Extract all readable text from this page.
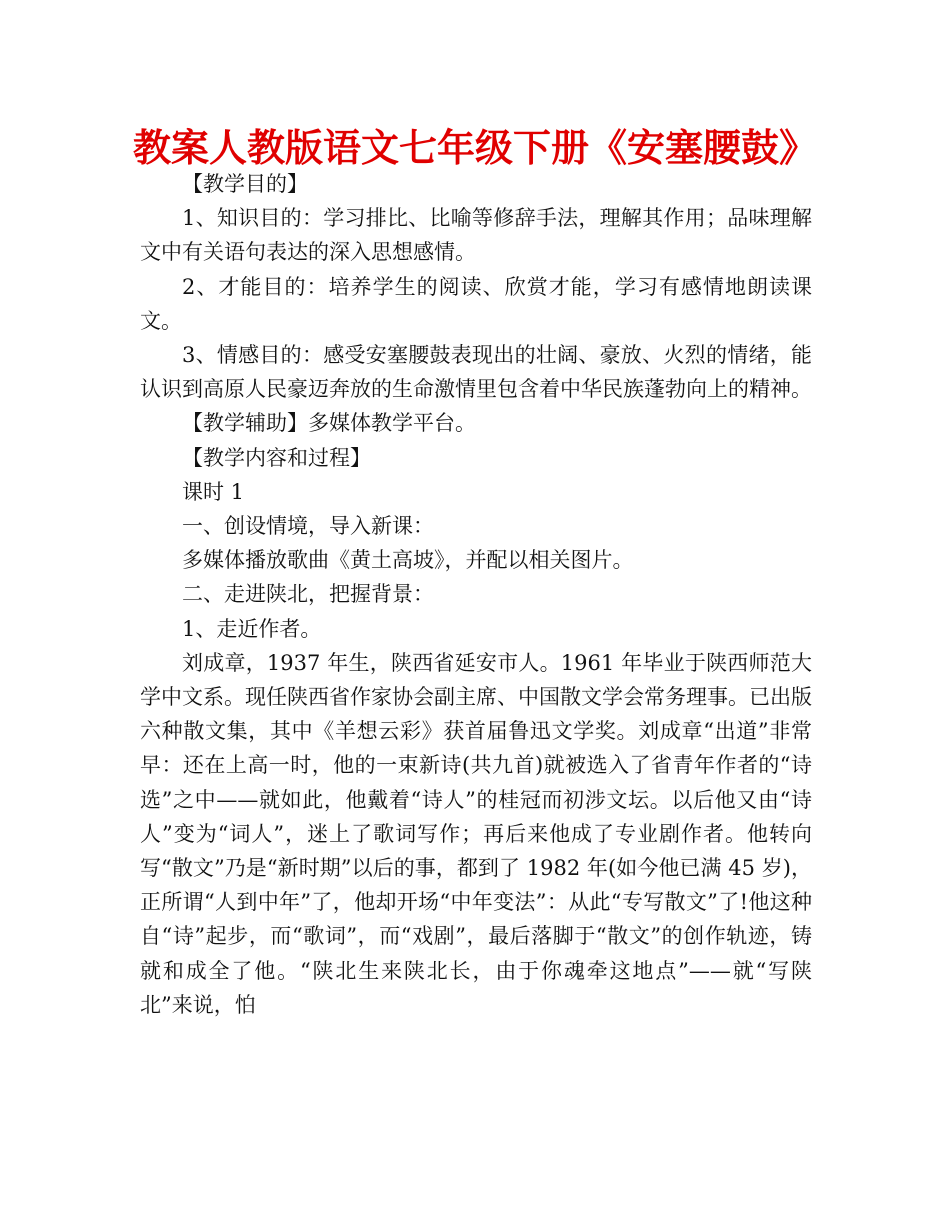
教案人教版语文七年级下册《安塞腰鼓》

【教学目的】

1、知识目的：学习排比、比喻等修辞手法，理解其作用；品味理解文中有关语句表达的深入思想感情。

2、才能目的：培养学生的阅读、欣赏才能，学习有感情地朗读课文。

3、情感目的：感受安塞腰鼓表现出的壮阔、豪放、火烈的情绪，能认识到高原人民豪迈奔放的生命激情里包含着中华民族蓬勃向上的精神。

【教学辅助】多媒体教学平台。

【教学内容和过程】

课时 1

一、创设情境，导入新课：

多媒体播放歌曲《黄土高坡》，并配以相关图片。

二、走进陕北，把握背景：

1、走近作者。

刘成章，1937 年生，陕西省延安市人。1961 年毕业于陕西师范大学中文系。现任陕西省作家协会副主席、中国散文学会常务理事。已出版六种散文集，其中《羊想云彩》获首届鲁迅文学奖。刘成章“出道”非常早：还在上高一时，他的一束新诗(共九首)就被选入了省青年作者的“诗选”之中——就如此，他戴着“诗人”的桂冠而初涉文坛。以后他又由“诗人”变为“词人”，迷上了歌词写作；再后来他成了专业剧作者。他转向写“散文”乃是“新时期”以后的事，都到了 1982 年(如今他已满 45 岁)，正所谓“人到中年”了，他却开场“中年变法”：从此“专写散文”了!他这种自“诗”起步，而“歌词”，而“戏剧”，最后落脚于“散文”的创作轨迹，铸就和成全了他。“陕北生来陕北长，由于你魂牵这地点”——就“写陕北”来说，怕
